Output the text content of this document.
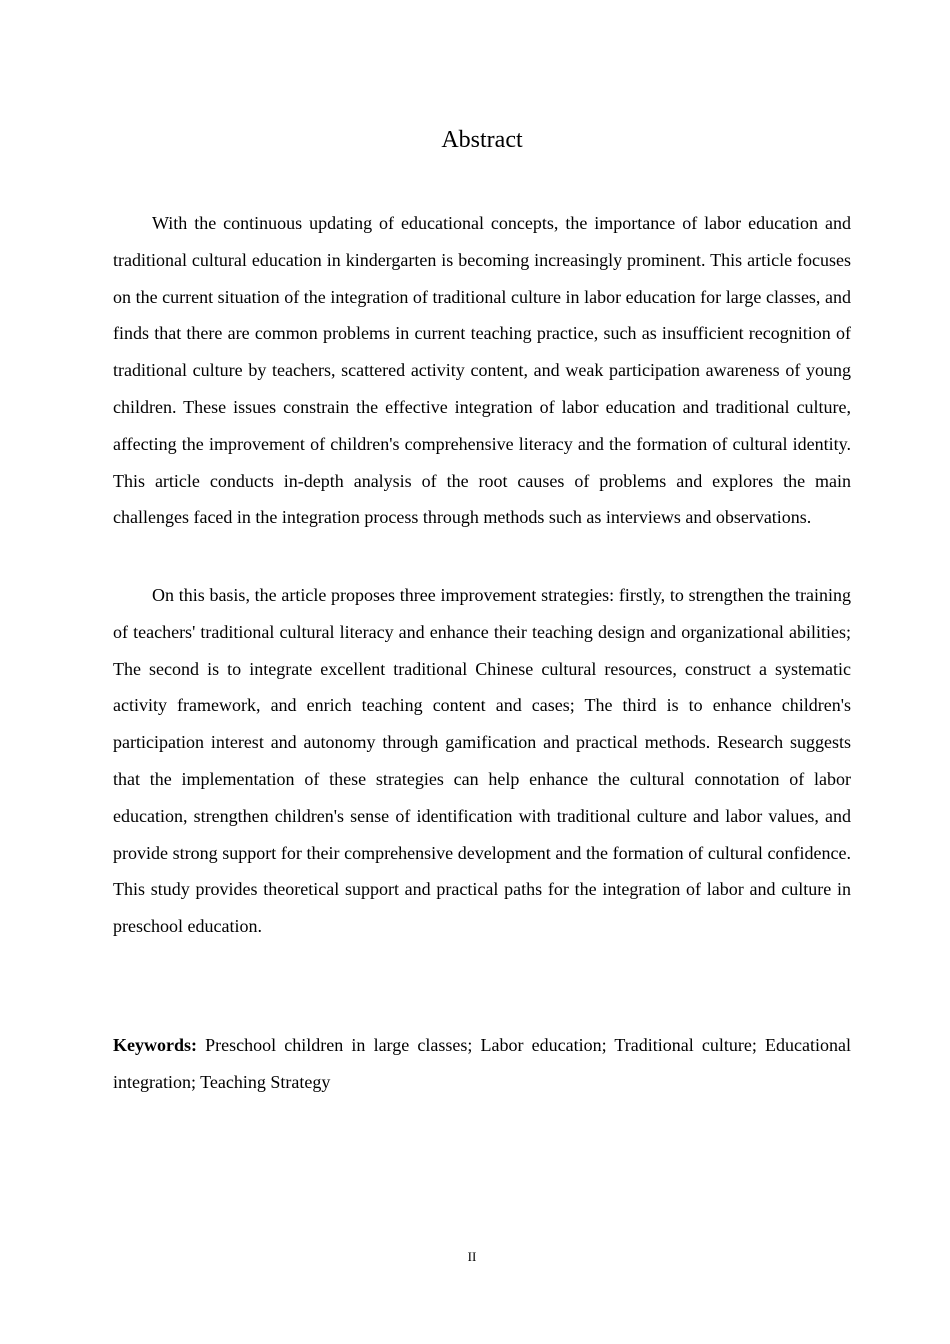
Abstract

With the continuous updating of educational concepts, the importance of labor education and traditional cultural education in kindergarten is becoming increasingly prominent. This article focuses on the current situation of the integration of traditional culture in labor education for large classes, and finds that there are common problems in current teaching practice, such as insufficient recognition of traditional culture by teachers, scattered activity content, and weak participation awareness of young children. These issues constrain the effective integration of labor education and traditional culture, affecting the improvement of children's comprehensive literacy and the formation of cultural identity. This article conducts in-depth analysis of the root causes of problems and explores the main challenges faced in the integration process through methods such as interviews and observations.

On this basis, the article proposes three improvement strategies: firstly, to strengthen the training of teachers' traditional cultural literacy and enhance their teaching design and organizational abilities; The second is to integrate excellent traditional Chinese cultural resources, construct a systematic activity framework, and enrich teaching content and cases; The third is to enhance children's participation interest and autonomy through gamification and practical methods. Research suggests that the implementation of these strategies can help enhance the cultural connotation of labor education, strengthen children's sense of identification with traditional culture and labor values, and provide strong support for their comprehensive development and the formation of cultural confidence. This study provides theoretical support and practical paths for the integration of labor and culture in preschool education.

Keywords: Preschool children in large classes; Labor education; Traditional culture; Educational integration; Teaching Strategy

II
